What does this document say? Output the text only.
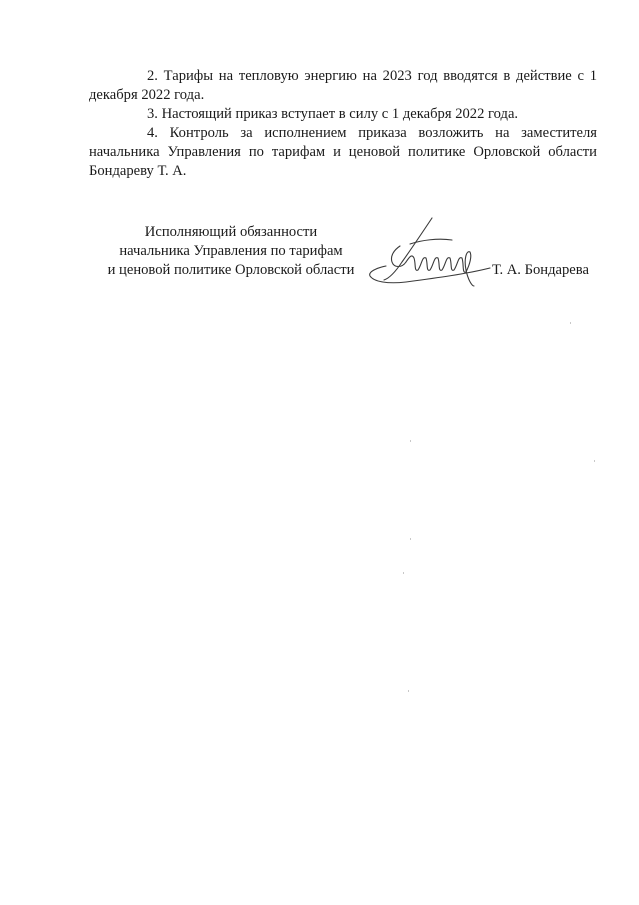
2. Тарифы на тепловую энергию на 2023 год вводятся в действие с 1 декабря 2022 года.

3. Настоящий приказ вступает в силу с 1 декабря 2022 года.

4. Контроль за исполнением приказа возложить на заместителя начальника Управления по тарифам и ценовой политике Орловской области Бондареву Т. А.

Исполняющий обязанности
начальника Управления по тарифам
и ценовой политике Орловской области	Т. А. Бондарева
